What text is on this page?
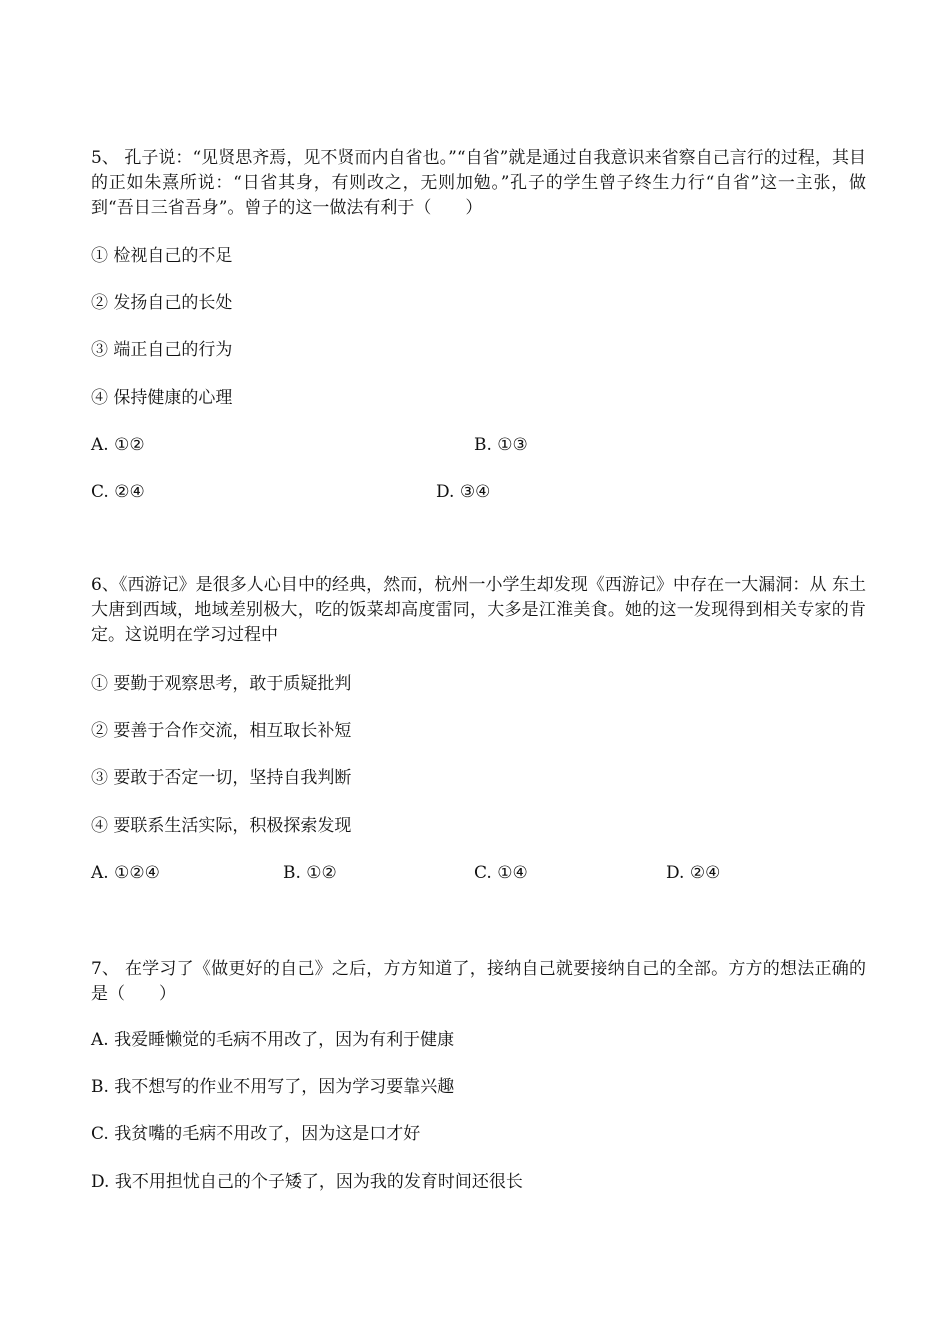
5、 孔子说：“见贤思齐焉，见不贤而内自省也。”“自省”就是通过自我意识来省察自己言行的过程，其目的正如朱熹所说：“日省其身，有则改之，无则加勉。”孔子的学生曾子终生力行“自省”这一主张，做到“吾日三省吾身”。曾子的这一做法有利于（　　）

① 检视自己的不足
② 发扬自己的长处
③ 端正自己的行为
④ 保持健康的心理
A. ①②	B. ①③
C. ②④	D. ③④

6、《西游记》是很多人心目中的经典，然而，杭州一小学生却发现《西游记》中存在一大漏洞：从 东土大唐到西域，地域差别极大，吃的饭菜却高度雷同，大多是江淮美食。她的这一发现得到相关专家的肯定。这说明在学习过程中

① 要勤于观察思考，敢于质疑批判
② 要善于合作交流，相互取长补短
③ 要敢于否定一切，坚持自我判断
④ 要联系生活实际，积极探索发现
A. ①②④	B. ①②	C. ①④	D. ②④

7、 在学习了《做更好的自己》之后，方方知道了，接纳自己就要接纳自己的全部。方方的想法正确的是（　　）

A. 我爱睡懒觉的毛病不用改了，因为有利于健康
B. 我不想写的作业不用写了，因为学习要靠兴趣
C. 我贫嘴的毛病不用改了，因为这是口才好
D. 我不用担忧自己的个子矮了，因为我的发育时间还很长
